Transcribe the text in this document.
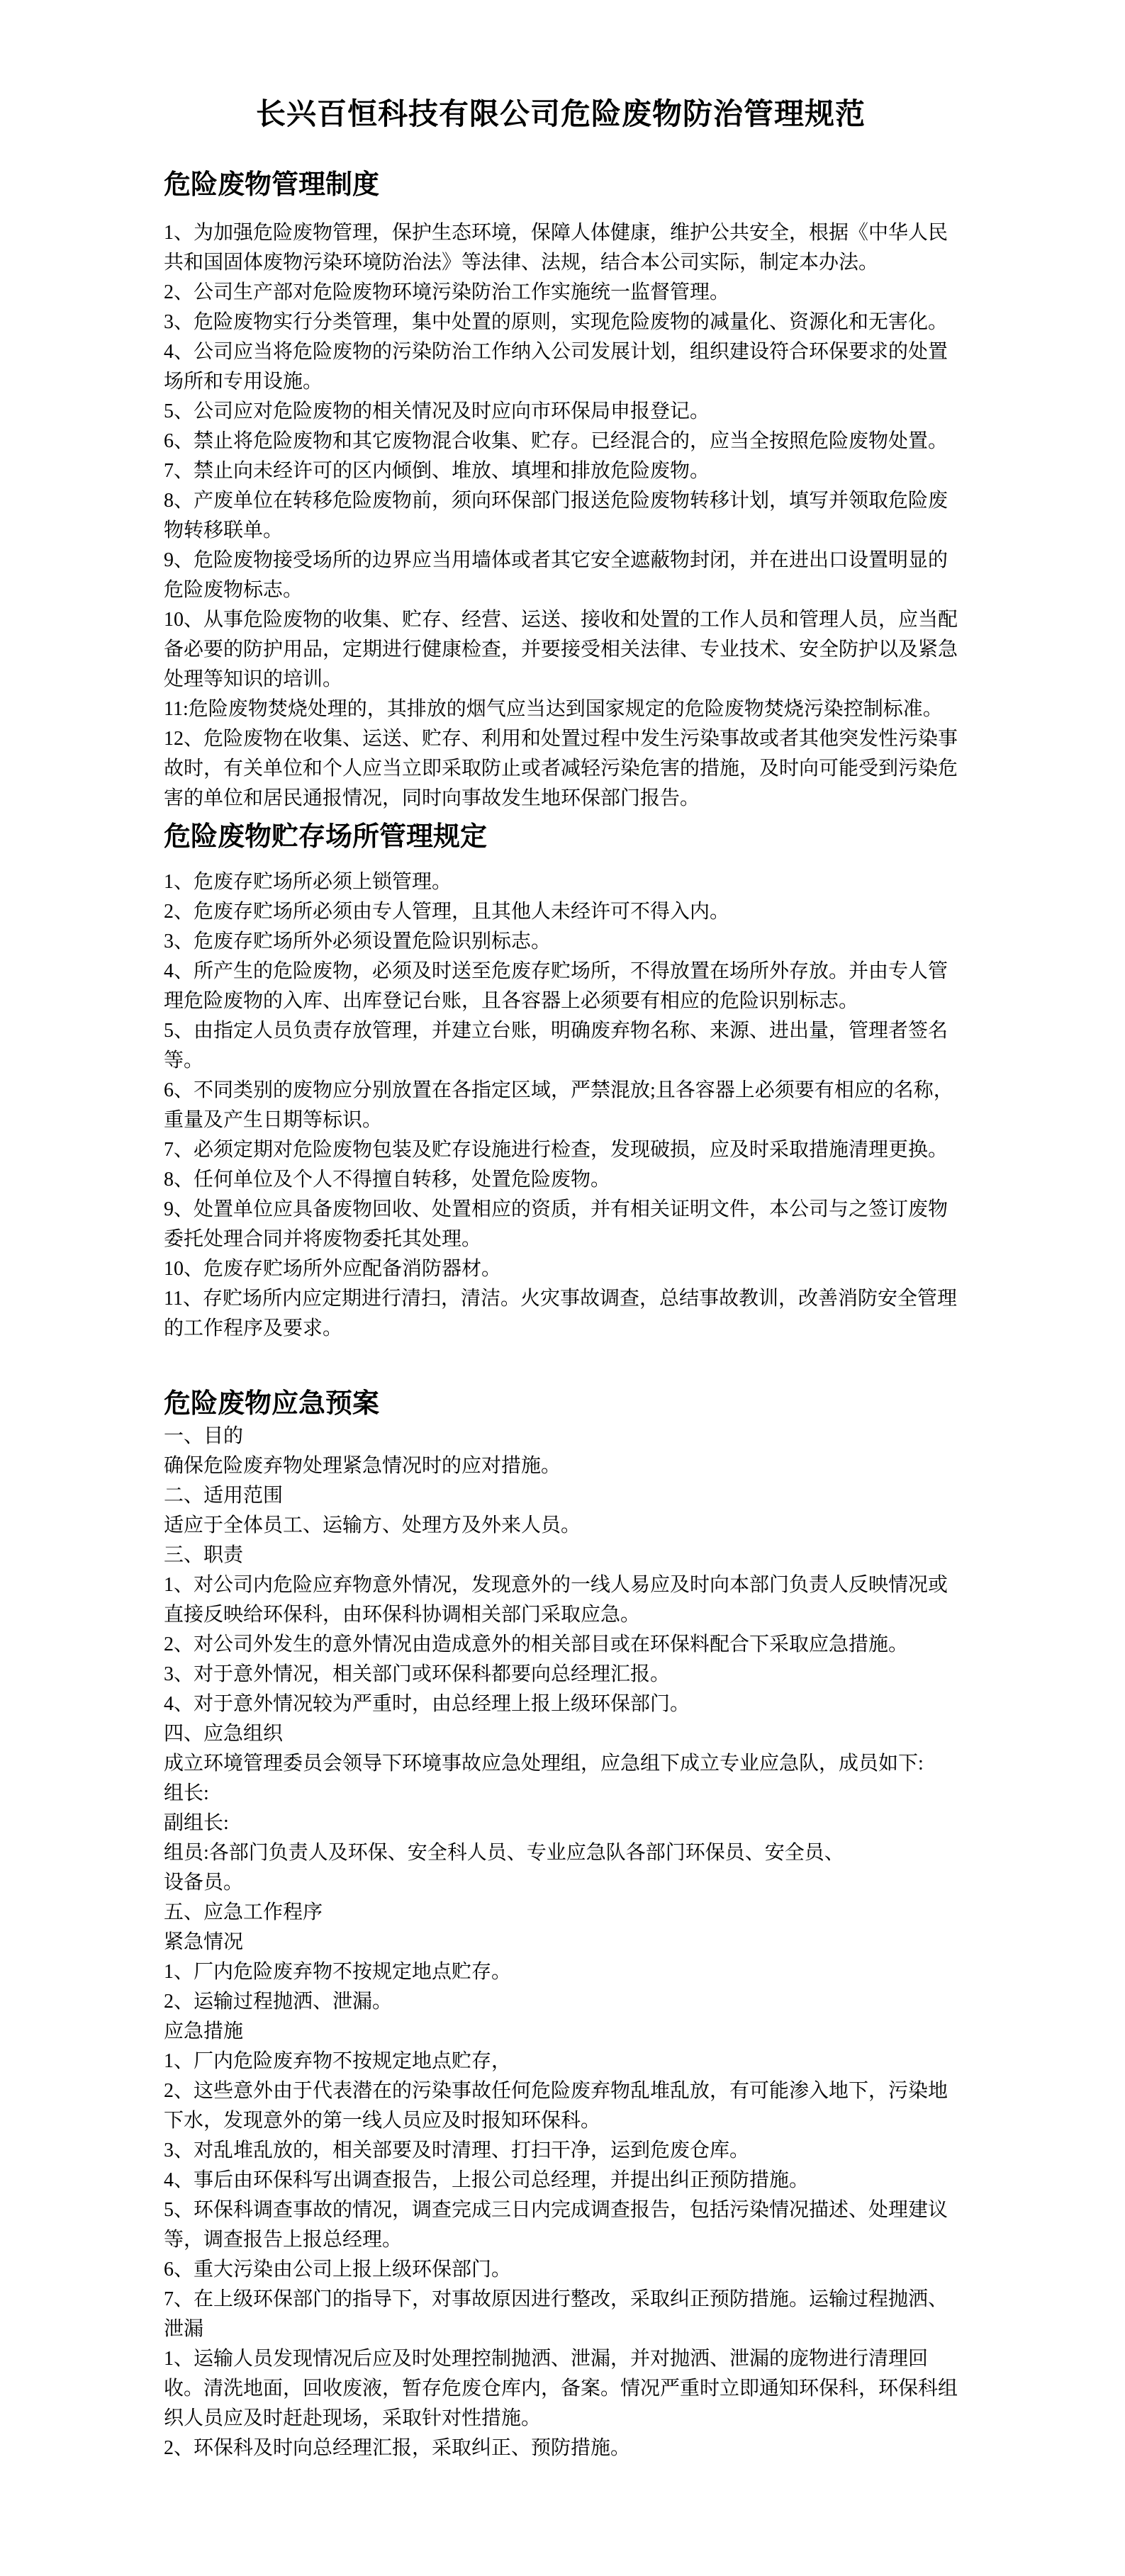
长兴百恒科技有限公司危险废物防治管理规范
危险废物管理制度

1、为加强危险废物管理，保护生态环境，保障人体健康，维护公共安全，根据《中华人民共和国固体废物污染环境防治法》等法律、法规，结合本公司实际，制定本办法。

2、公司生产部对危险废物环境污染防治工作实施统一监督管理。

3、危险废物实行分类管理，集中处置的原则，实现危险废物的减量化、资源化和无害化。

4、公司应当将危险废物的污染防治工作纳入公司发展计划，组织建设符合环保要求的处置场所和专用设施。

5、公司应对危险废物的相关情况及时应向市环保局申报登记。

6、禁止将危险废物和其它废物混合收集、贮存。已经混合的，应当全按照危险废物处置。

7、禁止向未经许可的区内倾倒、堆放、填埋和排放危险废物。

8、产废单位在转移危险废物前，须向环保部门报送危险废物转移计划，填写并领取危险废物转移联单。

9、危险废物接受场所的边界应当用墙体或者其它安全遮蔽物封闭，并在进出口设置明显的危险废物标志。

10、从事危险废物的收集、贮存、经营、运送、接收和处置的工作人员和管理人员，应当配备必要的防护用品，定期进行健康检查，并要接受相关法律、专业技术、安全防护以及紧急处理等知识的培训。

11:危险废物焚烧处理的，其排放的烟气应当达到国家规定的危险废物焚烧污染控制标准。

12、危险废物在收集、运送、贮存、利用和处置过程中发生污染事故或者其他突发性污染事故时，有关单位和个人应当立即采取防止或者减轻污染危害的措施，及时向可能受到污染危害的单位和居民通报情况，同时向事故发生地环保部门报告。

危险废物贮存场所管理规定

1、危废存贮场所必须上锁管理。

2、危废存贮场所必须由专人管理，且其他人未经许可不得入内。

3、危废存贮场所外必须设置危险识别标志。

4、所产生的危险废物，必须及时送至危废存贮场所，不得放置在场所外存放。并由专人管理危险废物的入库、出库登记台账，且各容器上必须要有相应的危险识别标志。

5、由指定人员负责存放管理，并建立台账，明确废弃物名称、来源、进出量，管理者签名等。

6、不同类别的废物应分别放置在各指定区域，严禁混放;且各容器上必须要有相应的名称，重量及产生日期等标识。

7、必须定期对危险废物包装及贮存设施进行检查，发现破损，应及时采取措施清理更换。

8、任何单位及个人不得擅自转移，处置危险废物。

9、处置单位应具备废物回收、处置相应的资质，并有相关证明文件，本公司与之签订废物委托处理合同并将废物委托其处理。

10、危废存贮场所外应配备消防器材。

11、存贮场所内应定期进行清扫，清洁。火灾事故调查，总结事故教训，改善消防安全管理的工作程序及要求。

危险废物应急预案

一、目的

确保危险废弃物处理紧急情况时的应对措施。

二、适用范围

适应于全体员工、运输方、处理方及外来人员。

三、职责

1、对公司内危险应弃物意外情况，发现意外的一线人易应及时向本部门负责人反映情况或直接反映给环保科，由环保科协调相关部门采取应急。

2、对公司外发生的意外情况由造成意外的相关部目或在环保料配合下采取应急措施。

3、对于意外情况，相关部门或环保科都要向总经理汇报。

4、对于意外情况较为严重时，由总经理上报上级环保部门。

四、应急组织

成立环境管理委员会领导下环境事故应急处理组，应急组下成立专业应急队，成员如下:

组长:

副组长:

组员:各部门负责人及环保、安全科人员、专业应急队各部门环保员、安全员、

设备员。

五、应急工作程序

紧急情况

1、厂内危险废弃物不按规定地点贮存。

2、运输过程抛洒、泄漏。

应急措施

1、厂内危险废弃物不按规定地点贮存，

2、这些意外由于代表潜在的污染事故任何危险废弃物乱堆乱放，有可能渗入地下，污染地下水，发现意外的第一线人员应及时报知环保科。

3、对乱堆乱放的，相关部要及时清理、打扫干净，运到危废仓库。

4、事后由环保科写出调查报告，上报公司总经理，并提出纠正预防措施。

5、环保科调查事故的情况，调查完成三日内完成调查报告，包括污染情况描述、处理建议等，调查报告上报总经理。

6、重大污染由公司上报上级环保部门。

7、在上级环保部门的指导下，对事故原因进行整改，采取纠正预防措施。运输过程抛洒、泄漏

1、运输人员发现情况后应及时处理控制抛洒、泄漏，并对抛洒、泄漏的庞物进行清理回收。清洗地面，回收废液，暂存危废仓库内，备案。情况严重时立即通知环保科，环保科组织人员应及时赶赴现场，采取针对性措施。

2、环保科及时向总经理汇报，采取纠正、预防措施。
